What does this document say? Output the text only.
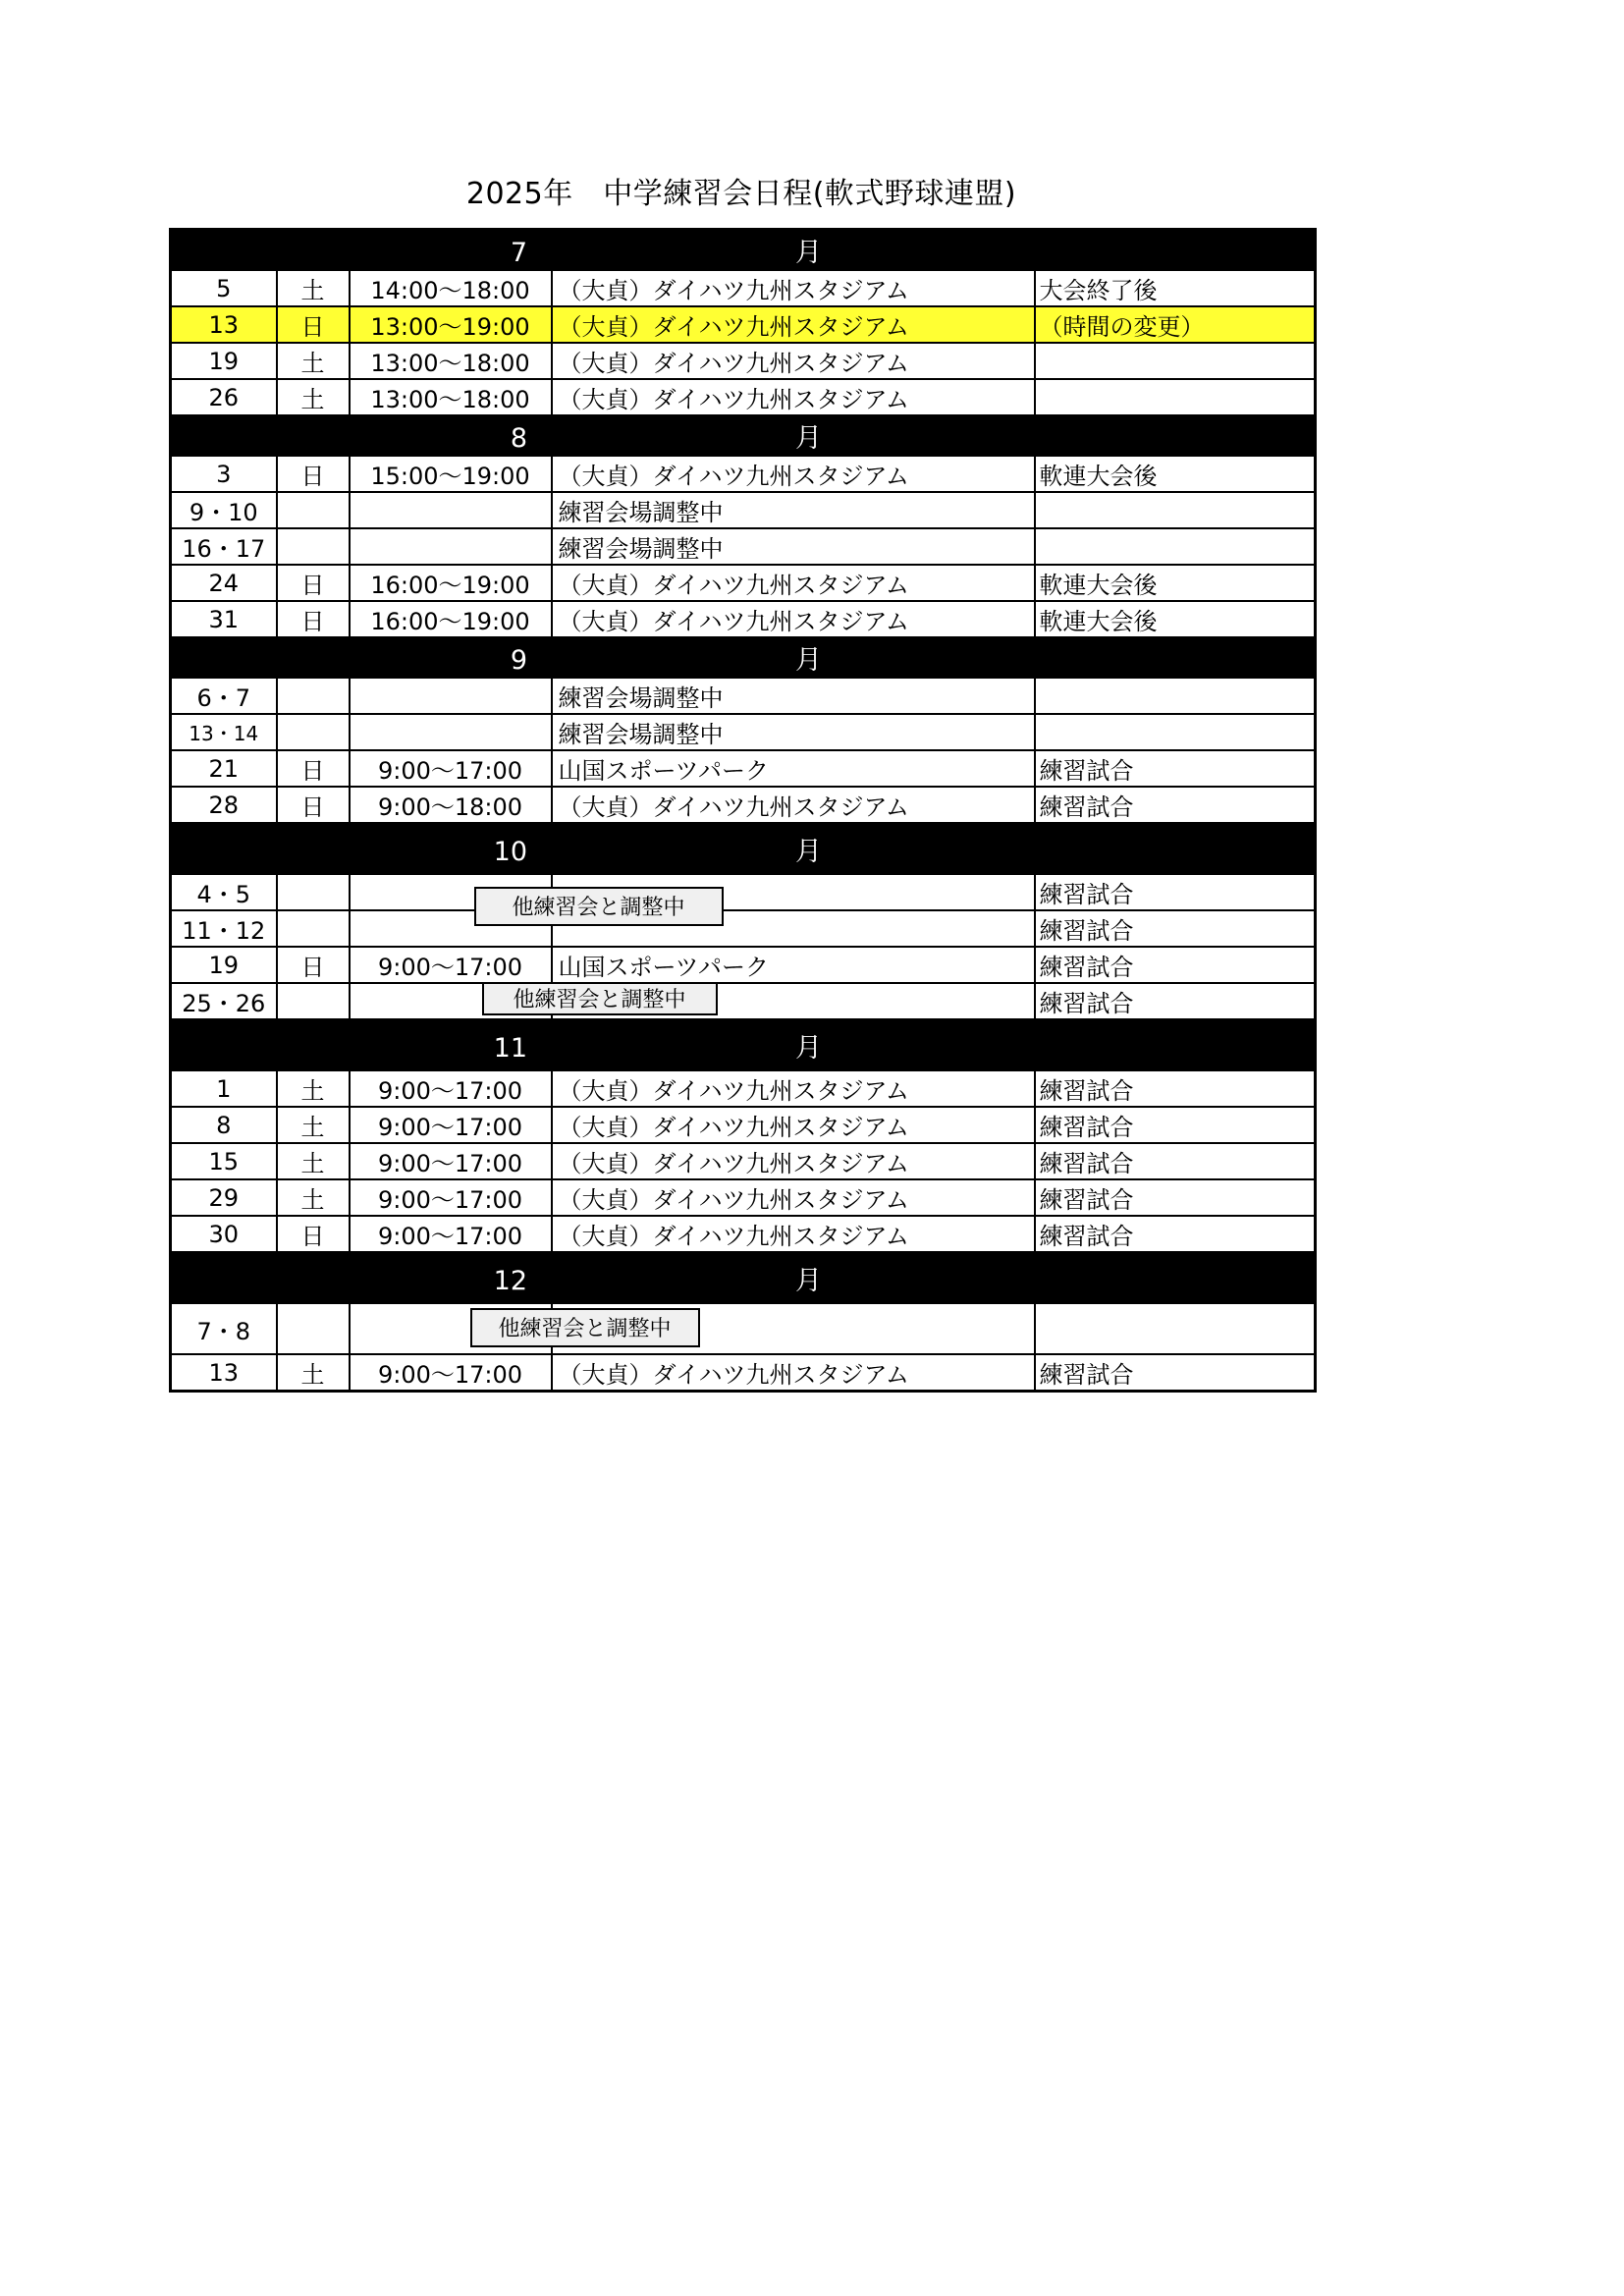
2025年　中学練習会日程(軟式野球連盟)
7 月				
5	土	14:00～18:00	（大貞）ダイハツ九州スタジアム	大会終了後
13	日	13:00～19:00	（大貞）ダイハツ九州スタジアム	（時間の変更）
19	土	13:00～18:00	（大貞）ダイハツ九州スタジアム	
26	土	13:00～18:00	（大貞）ダイハツ九州スタジアム	
8 月				
3	日	15:00～19:00	（大貞）ダイハツ九州スタジアム	軟連大会後
9・10			練習会場調整中	
16・17			練習会場調整中	
24	日	16:00～19:00	（大貞）ダイハツ九州スタジアム	軟連大会後
31	日	16:00～19:00	（大貞）ダイハツ九州スタジアム	軟連大会後
9 月				
6・7			練習会場調整中	
13・14			練習会場調整中	
21	日	9:00～17:00	山国スポーツパーク	練習試合
28	日	9:00～18:00	（大貞）ダイハツ九州スタジアム	練習試合
10 月				
4・5		他練習会と調整中		練習試合
11・12				練習試合
19	日	9:00～17:00	山国スポーツパーク	練習試合
25・26		他練習会と調整中		練習試合
11 月				
1	土	9:00～17:00	（大貞）ダイハツ九州スタジアム	練習試合
8	土	9:00～17:00	（大貞）ダイハツ九州スタジアム	練習試合
15	土	9:00～17:00	（大貞）ダイハツ九州スタジアム	練習試合
29	土	9:00～17:00	（大貞）ダイハツ九州スタジアム	練習試合
30	日	9:00～17:00	（大貞）ダイハツ九州スタジアム	練習試合
12 月				
7・8		他練習会と調整中		

13	土	9:00～17:00	（大貞）ダイハツ九州スタジアム	練習試合
